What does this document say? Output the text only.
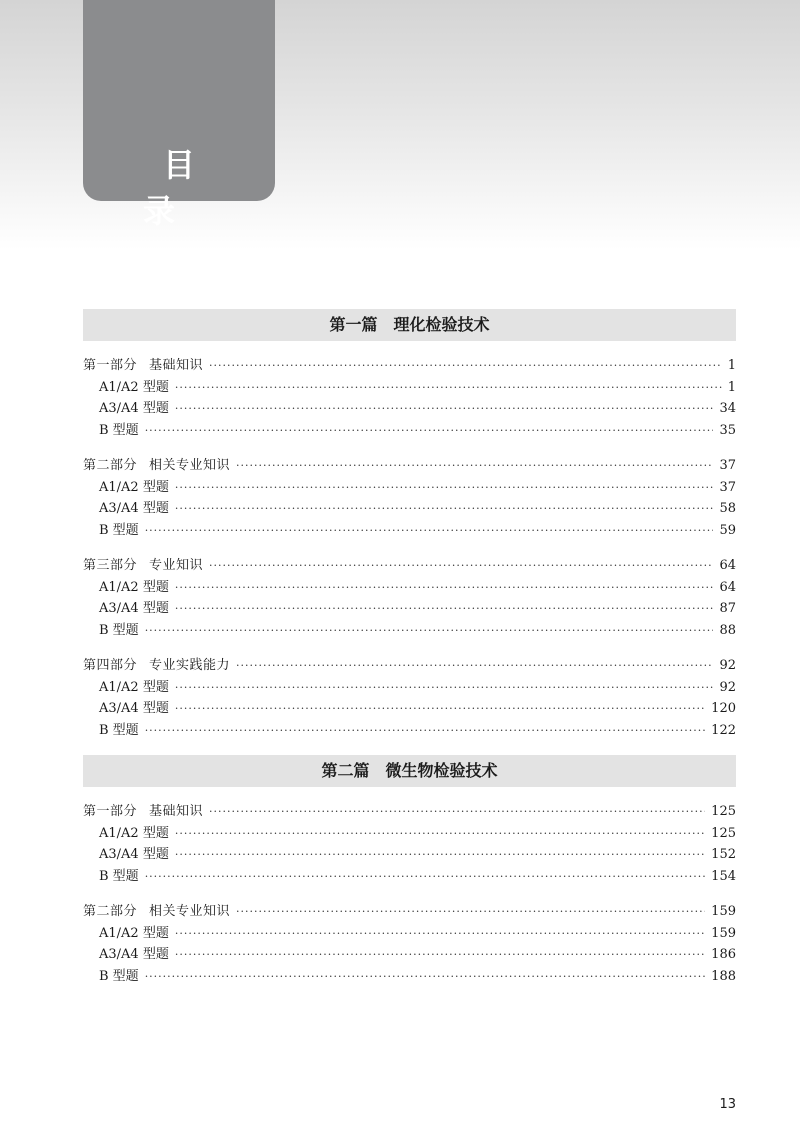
目 录
第一篇 理化检验技术
第一部分 基础知识 ·····	1
A1/A2 型题 ·····	1
A3/A4 型题 ·····	34
B 型题 ·····	35
第二部分 相关专业知识 ·····	37
A1/A2 型题 ·····	37
A3/A4 型题 ·····	58
B 型题 ·····	59
第三部分 专业知识 ·····	64
A1/A2 型题 ·····	64
A3/A4 型题 ·····	87
B 型题 ·····	88
第四部分 专业实践能力 ·····	92
A1/A2 型题 ·····	92
A3/A4 型题 ·····	120
B 型题 ·····	122
第二篇 微生物检验技术
第一部分 基础知识 ·····	125
A1/A2 型题 ·····	125
A3/A4 型题 ·····	152
B 型题 ·····	154
第二部分 相关专业知识 ·····	159
A1/A2 型题 ·····	159
A3/A4 型题 ·····	186
B 型题 ·····	188
13
